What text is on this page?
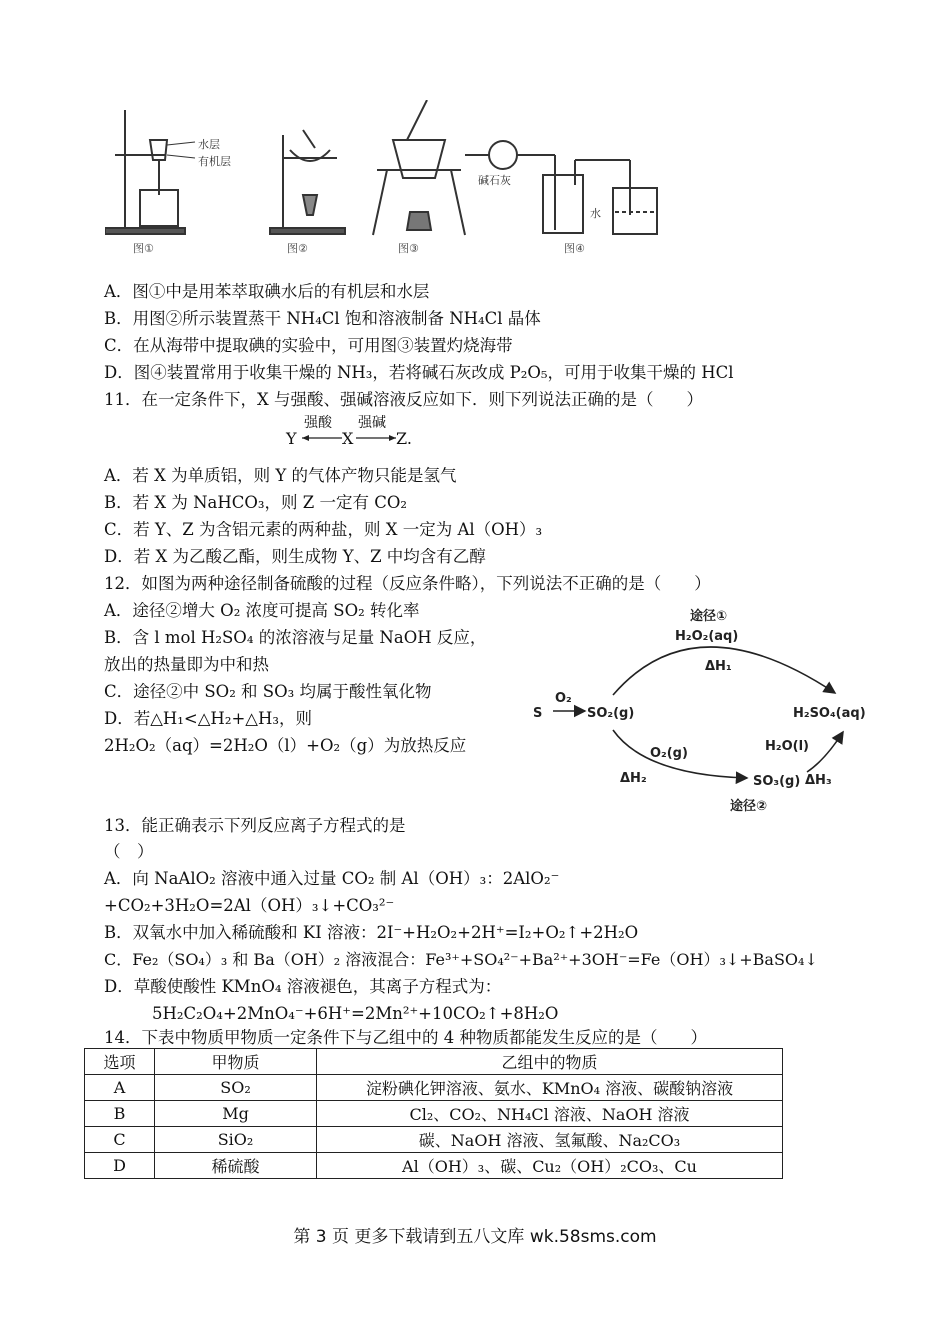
水层
有机层
碱石灰
水
图①	图②	图③	图④
A．图①中是用苯萃取碘水后的有机层和水层
B．用图②所示装置蒸干 NH₄Cl 饱和溶液制备 NH₄Cl 晶体
C．在从海带中提取碘的实验中，可用图③装置灼烧海带
D．图④装置常用于收集干燥的 NH₃，若将碱石灰改成 P₂O₅，可用于收集干燥的 HCl
11．在一定条件下，X 与强酸、强碱溶液反应如下．则下列说法正确的是（　　）
Y
强酸
X
强碱
Z.
A．若 X 为单质铝，则 Y 的气体产物只能是氢气
B．若 X 为 NaHCO₃，则 Z 一定有 CO₂
C．若 Y、Z 为含铝元素的两种盐，则 X 一定为 Al（OH）₃
D．若 X 为乙酸乙酯，则生成物 Y、Z 中均含有乙醇
12．如图为两种途径制备硫酸的过程（反应条件略），下列说法不正确的是（　　）
A．途径②增大 O₂ 浓度可提高 SO₂ 转化率
B．含 l mol H₂SO₄ 的浓溶液与足量 NaOH 反应，
放出的热量即为中和热
C．途径②中 SO₂ 和 SO₃ 均属于酸性氧化物
D．若△H₁<△H₂+△H₃，则
2H₂O₂（aq）=2H₂O（l）+O₂（g）为放热反应
途径①
H₂O₂(aq)
ΔH₁
S
O₂
SO₂(g)	H₂SO₄(aq)
O₂(g)
ΔH₂	SO₃(g)
H₂O(l)
ΔH₃
途径②
13．能正确表示下列反应离子方程式的是
（　）
A．向 NaAlO₂ 溶液中通入过量 CO₂ 制 Al（OH）₃：2AlO₂⁻
+CO₂+3H₂O=2Al（OH）₃↓+CO₃²⁻
B．双氧水中加入稀硫酸和 KI 溶液：2I⁻+H₂O₂+2H⁺=I₂+O₂↑+2H₂O
C．Fe₂（SO₄）₃ 和 Ba（OH）₂ 溶液混合：Fe³⁺+SO₄²⁻+Ba²⁺+3OH⁻=Fe（OH）₃↓+BaSO₄↓
D．草酸使酸性 KMnO₄ 溶液褪色，其离子方程式为：
5H₂C₂O₄+2MnO₄⁻+6H⁺=2Mn²⁺+10CO₂↑+8H₂O
14．下表中物质甲物质一定条件下与乙组中的 4 种物质都能发生反应的是（　　）
选项	甲物质	乙组中的物质
A	SO₂	淀粉碘化钾溶液、氨水、KMnO₄ 溶液、碳酸钠溶液
B	Mg	Cl₂、CO₂、NH₄Cl 溶液、NaOH 溶液
C	SiO₂	碳、NaOH 溶液、氢氟酸、Na₂CO₃
D	稀硫酸	Al（OH）₃、碳、Cu₂（OH）₂CO₃、Cu
第 3 页 更多下载请到五八文库 wk.58sms.com
